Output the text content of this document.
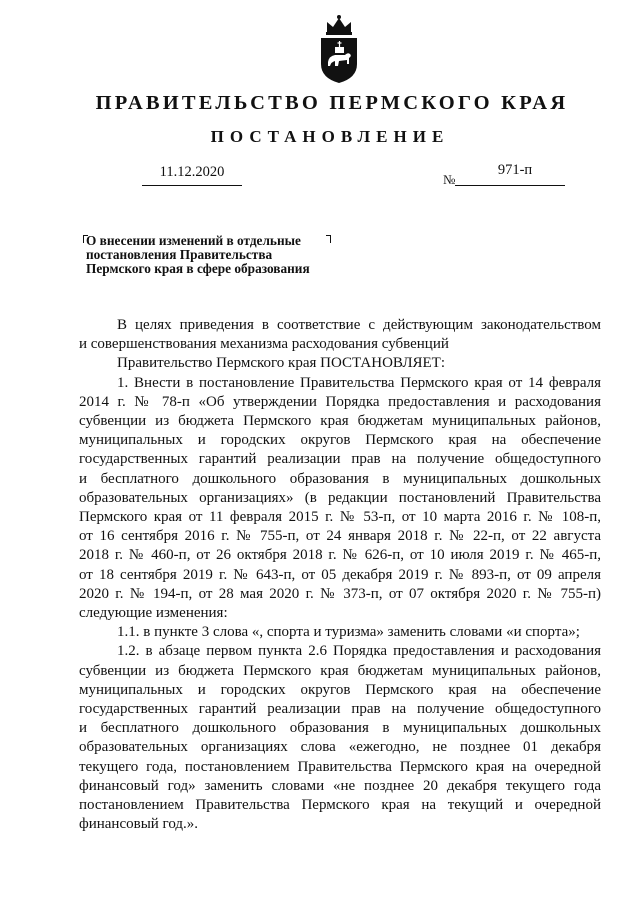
ПРАВИТЕЛЬСТВО ПЕРМСКОГО КРАЯ
ПОСТАНОВЛЕНИЕ
11.12.2020	№
971-п
О внесении изменений в отдельные
постановления Правительства
Пермского края в сфере образования
В целях приведения в соответствие с действующим законодательством
и совершенствования механизма расходования субвенций
Правительство Пермского края ПОСТАНОВЛЯЕТ:
1. Внести в постановление Правительства Пермского края от 14 февраля
2014 г. № 78-п «Об утверждении Порядка предоставления и расходования
субвенции из бюджета Пермского края бюджетам муниципальных районов,
муниципальных и городских округов Пермского края на обеспечение
государственных гарантий реализации прав на получение общедоступного
и бесплатного дошкольного образования в муниципальных дошкольных
образовательных организациях» (в редакции постановлений Правительства
Пермского края от 11 февраля 2015 г. № 53-п, от 10 марта 2016 г. № 108-п,
от 16 сентября 2016 г. № 755-п, от 24 января 2018 г. № 22-п, от 22 августа
2018 г. № 460-п, от 26 октября 2018 г. № 626-п, от 10 июля 2019 г. № 465-п,
от 18 сентября 2019 г. № 643-п, от 05 декабря 2019 г. № 893-п, от 09 апреля
2020 г. № 194-п, от 28 мая 2020 г. № 373-п, от 07 октября 2020 г. № 755-п)
следующие изменения:
1.1. в пункте 3 слова «, спорта и туризма» заменить словами «и спорта»;
1.2. в абзаце первом пункта 2.6 Порядка предоставления и расходования
субвенции из бюджета Пермского края бюджетам муниципальных районов,
муниципальных и городских округов Пермского края на обеспечение
государственных гарантий реализации прав на получение общедоступного
и бесплатного дошкольного образования в муниципальных дошкольных
образовательных организациях слова «ежегодно, не позднее 01 декабря
текущего года, постановлением Правительства Пермского края на очередной
финансовый год» заменить словами «не позднее 20 декабря текущего года
постановлением Правительства Пермского края на текущий и очередной
финансовый год.».
